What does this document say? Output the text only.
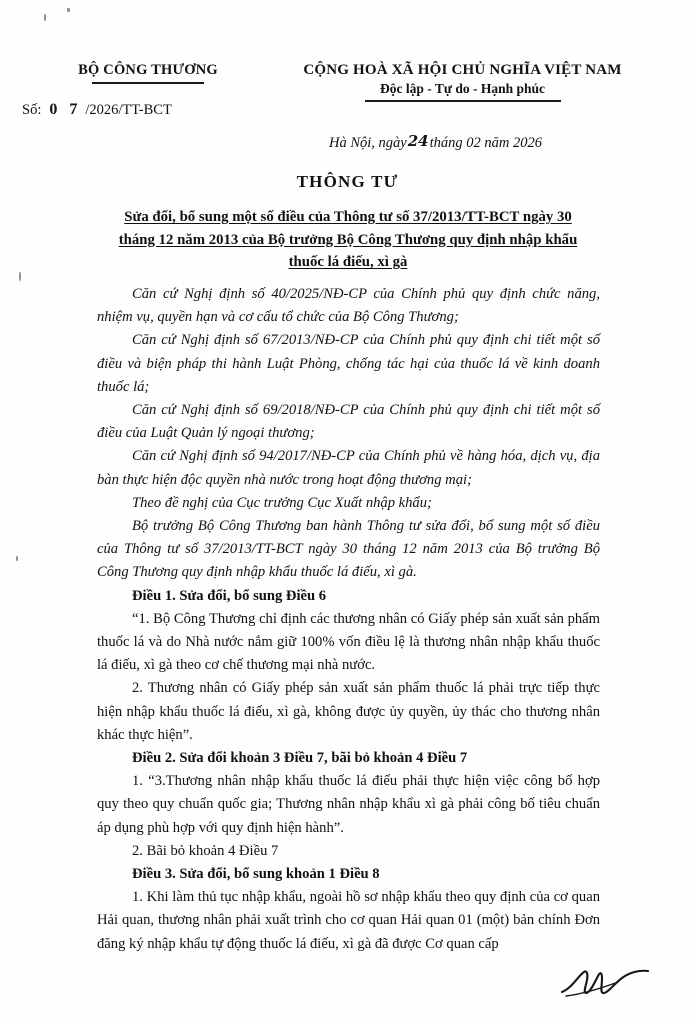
BỘ CÔNG THƯƠNG
Số: 0 7 /2026/TT-BCT
CỘNG HOÀ XÃ HỘI CHỦ NGHĨA VIỆT NAM
Độc lập - Tự do - Hạnh phúc
Hà Nội, ngày24tháng 02 năm 2026
THÔNG TƯ
Sửa đổi, bổ sung một số điều của Thông tư số 37/2013/TT-BCT ngày 30
tháng 12 năm 2013 của Bộ trưởng Bộ Công Thương quy định nhập khẩu
thuốc lá điếu, xì gà

Căn cứ Nghị định số 40/2025/NĐ-CP của Chính phủ quy định chức năng, nhiệm vụ, quyền hạn và cơ cấu tổ chức của Bộ Công Thương;

Căn cứ Nghị định số 67/2013/NĐ-CP của Chính phủ quy định chi tiết một số điều và biện pháp thi hành Luật Phòng, chống tác hại của thuốc lá về kinh doanh thuốc lá;

Căn cứ Nghị định số 69/2018/NĐ-CP của Chính phủ quy định chi tiết một số điều của Luật Quản lý ngoại thương;

Căn cứ Nghị định số 94/2017/NĐ-CP của Chính phủ về hàng hóa, dịch vụ, địa bàn thực hiện độc quyền nhà nước trong hoạt động thương mại;

Theo đề nghị của Cục trưởng Cục Xuất nhập khẩu;

Bộ trưởng Bộ Công Thương ban hành Thông tư sửa đổi, bổ sung một số điều của Thông tư số 37/2013/TT-BCT ngày 30 tháng 12 năm 2013 của Bộ trưởng Bộ Công Thương quy định nhập khẩu thuốc lá điếu, xì gà.

Điều 1. Sửa đổi, bổ sung Điều 6

“1. Bộ Công Thương chỉ định các thương nhân có Giấy phép sản xuất sản phẩm thuốc lá và do Nhà nước nắm giữ 100% vốn điều lệ là thương nhân nhập khẩu thuốc lá điếu, xì gà theo cơ chế thương mại nhà nước.

2. Thương nhân có Giấy phép sản xuất sản phẩm thuốc lá phải trực tiếp thực hiện nhập khẩu thuốc lá điếu, xì gà, không được ủy quyền, ủy thác cho thương nhân khác thực hiện”.

Điều 2. Sửa đổi khoản 3 Điều 7, bãi bỏ khoản 4 Điều 7

1. “3.Thương nhân nhập khẩu thuốc lá điếu phải thực hiện việc công bố hợp quy theo quy chuẩn quốc gia; Thương nhân nhập khẩu xì gà phải công bố tiêu chuẩn áp dụng phù hợp với quy định hiện hành”.

2. Bãi bỏ khoản 4 Điều 7

Điều 3. Sửa đổi, bổ sung khoản 1 Điều 8

1. Khi làm thủ tục nhập khẩu, ngoài hồ sơ nhập khẩu theo quy định của cơ quan Hải quan, thương nhân phải xuất trình cho cơ quan Hải quan 01 (một) bản chính Đơn đăng ký nhập khẩu tự động thuốc lá điếu, xì gà đã được Cơ quan cấp
